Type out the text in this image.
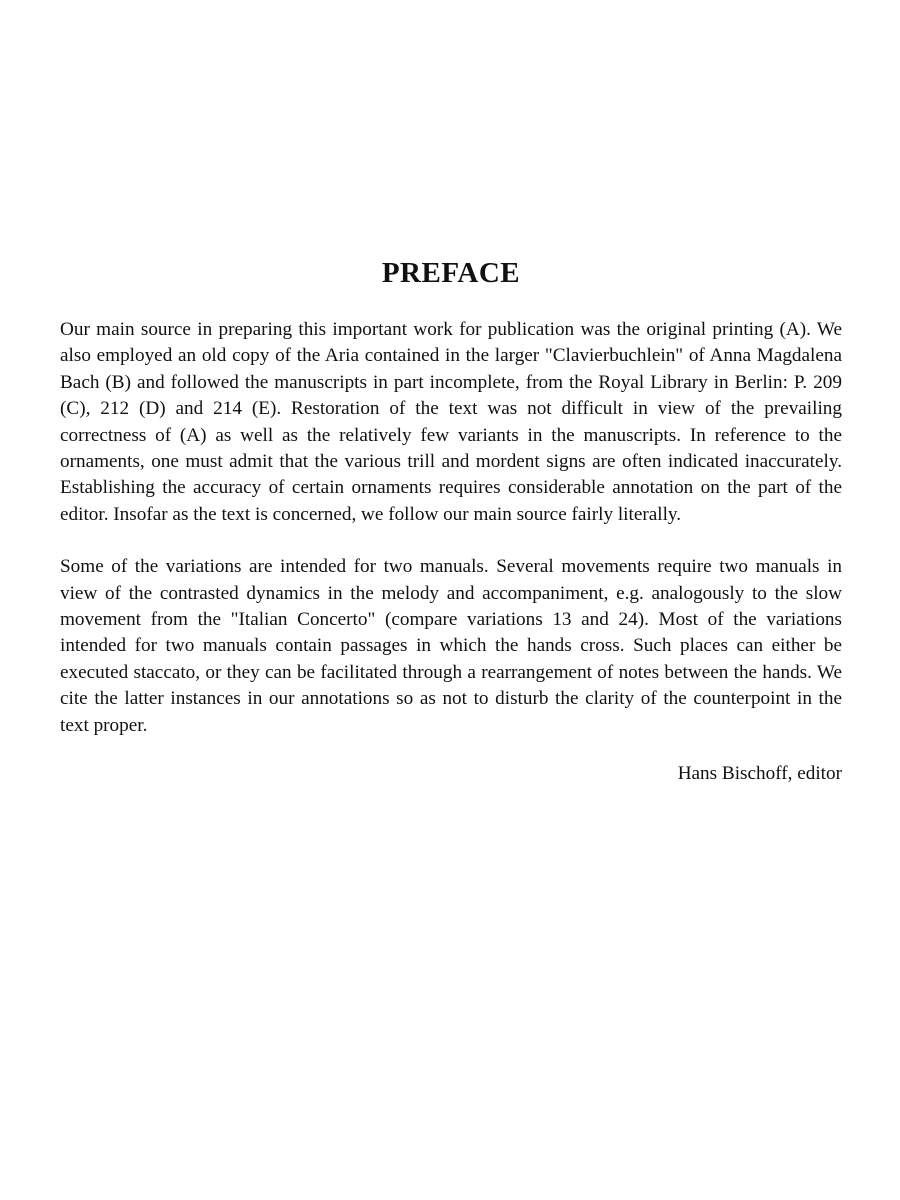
PREFACE

Our main source in preparing this important work for publication was the original printing (A). We also employed an old copy of the Aria contained in the larger "Clavierbuchlein" of Anna Magdalena Bach (B) and followed the manuscripts in part incomplete, from the Royal Library in Berlin: P. 209 (C), 212 (D) and 214 (E). Restoration of the text was not difficult in view of the prevailing correctness of (A) as well as the relatively few variants in the manuscripts. In reference to the ornaments, one must admit that the various trill and mordent signs are often indicated inaccurately. Establishing the accuracy of certain ornaments requires considerable annotation on the part of the editor. Insofar as the text is concerned, we follow our main source fairly literally.

Some of the variations are intended for two manuals. Several movements require two manuals in view of the contrasted dynamics in the melody and accompaniment, e.g. analogously to the slow movement from the "Italian Concerto" (compare variations 13 and 24). Most of the variations intended for two manuals contain passages in which the hands cross. Such places can either be executed staccato, or they can be facilitated through a rearrangement of notes between the hands. We cite the latter instances in our annotations so as not to disturb the clarity of the counterpoint in the text proper.

Hans Bischoff, editor
